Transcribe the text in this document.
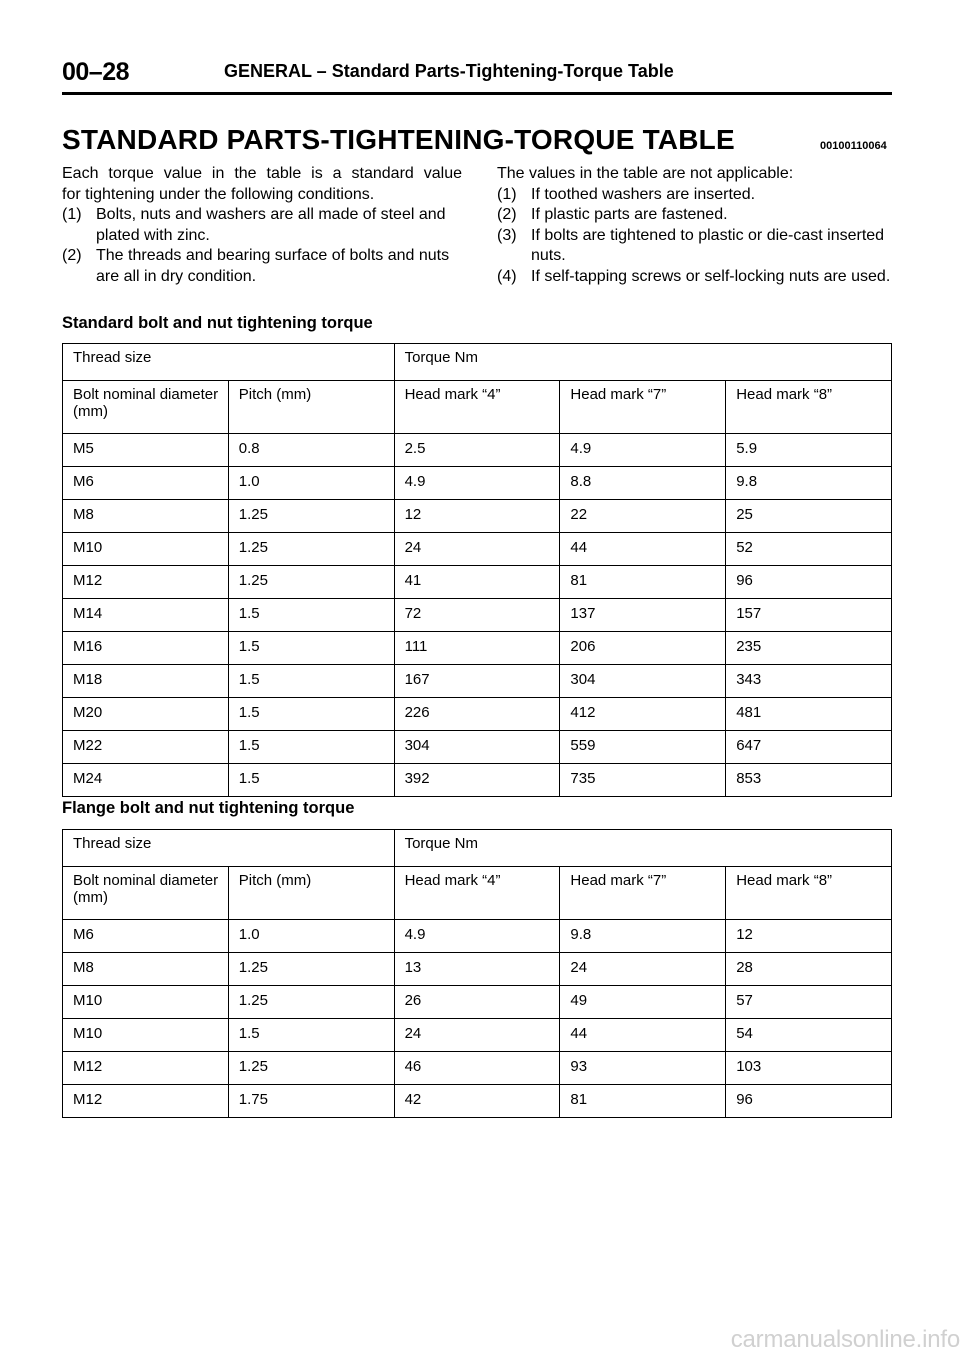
00–28	GENERAL – Standard Parts-Tightening-Torque Table
STANDARD PARTS-TIGHTENING-TORQUE TABLE	00100110064

Each torque value in the table is a standard value

for tightening under the following conditions.

(1) Bolts, nuts and washers are all made of steel and plated with zinc.
(2) The threads and bearing surface of bolts and nuts are all in dry condition.

The values in the table are not applicable:

(1) If toothed washers are inserted.
(2) If plastic parts are fastened.
(3) If bolts are tightened to plastic or die-cast inserted nuts.
(4) If self-tapping screws or self-locking nuts are used.
Standard bolt and nut tightening torque
Thread size		Torque Nm		
Bolt nominal diameter (mm)	Pitch (mm)	Head mark “4”	Head mark “7”	Head mark “8”
M5	0.8	2.5	4.9	5.9
M6	1.0	4.9	8.8	9.8
M8	1.25	12	22	25
M10	1.25	24	44	52
M12	1.25	41	81	96
M14	1.5	72	137	157
M16	1.5	111	206	235
M18	1.5	167	304	343
M20	1.5	226	412	481
M22	1.5	304	559	647
M24	1.5	392	735	853
Flange bolt and nut tightening torque
Thread size		Torque Nm		
Bolt nominal diameter (mm)	Pitch (mm)	Head mark “4”	Head mark “7”	Head mark “8”
M6	1.0	4.9	9.8	12
M8	1.25	13	24	28
M10	1.25	26	49	57
M10	1.5	24	44	54
M12	1.25	46	93	103
M12	1.75	42	81	96
carmanualsonline.info
